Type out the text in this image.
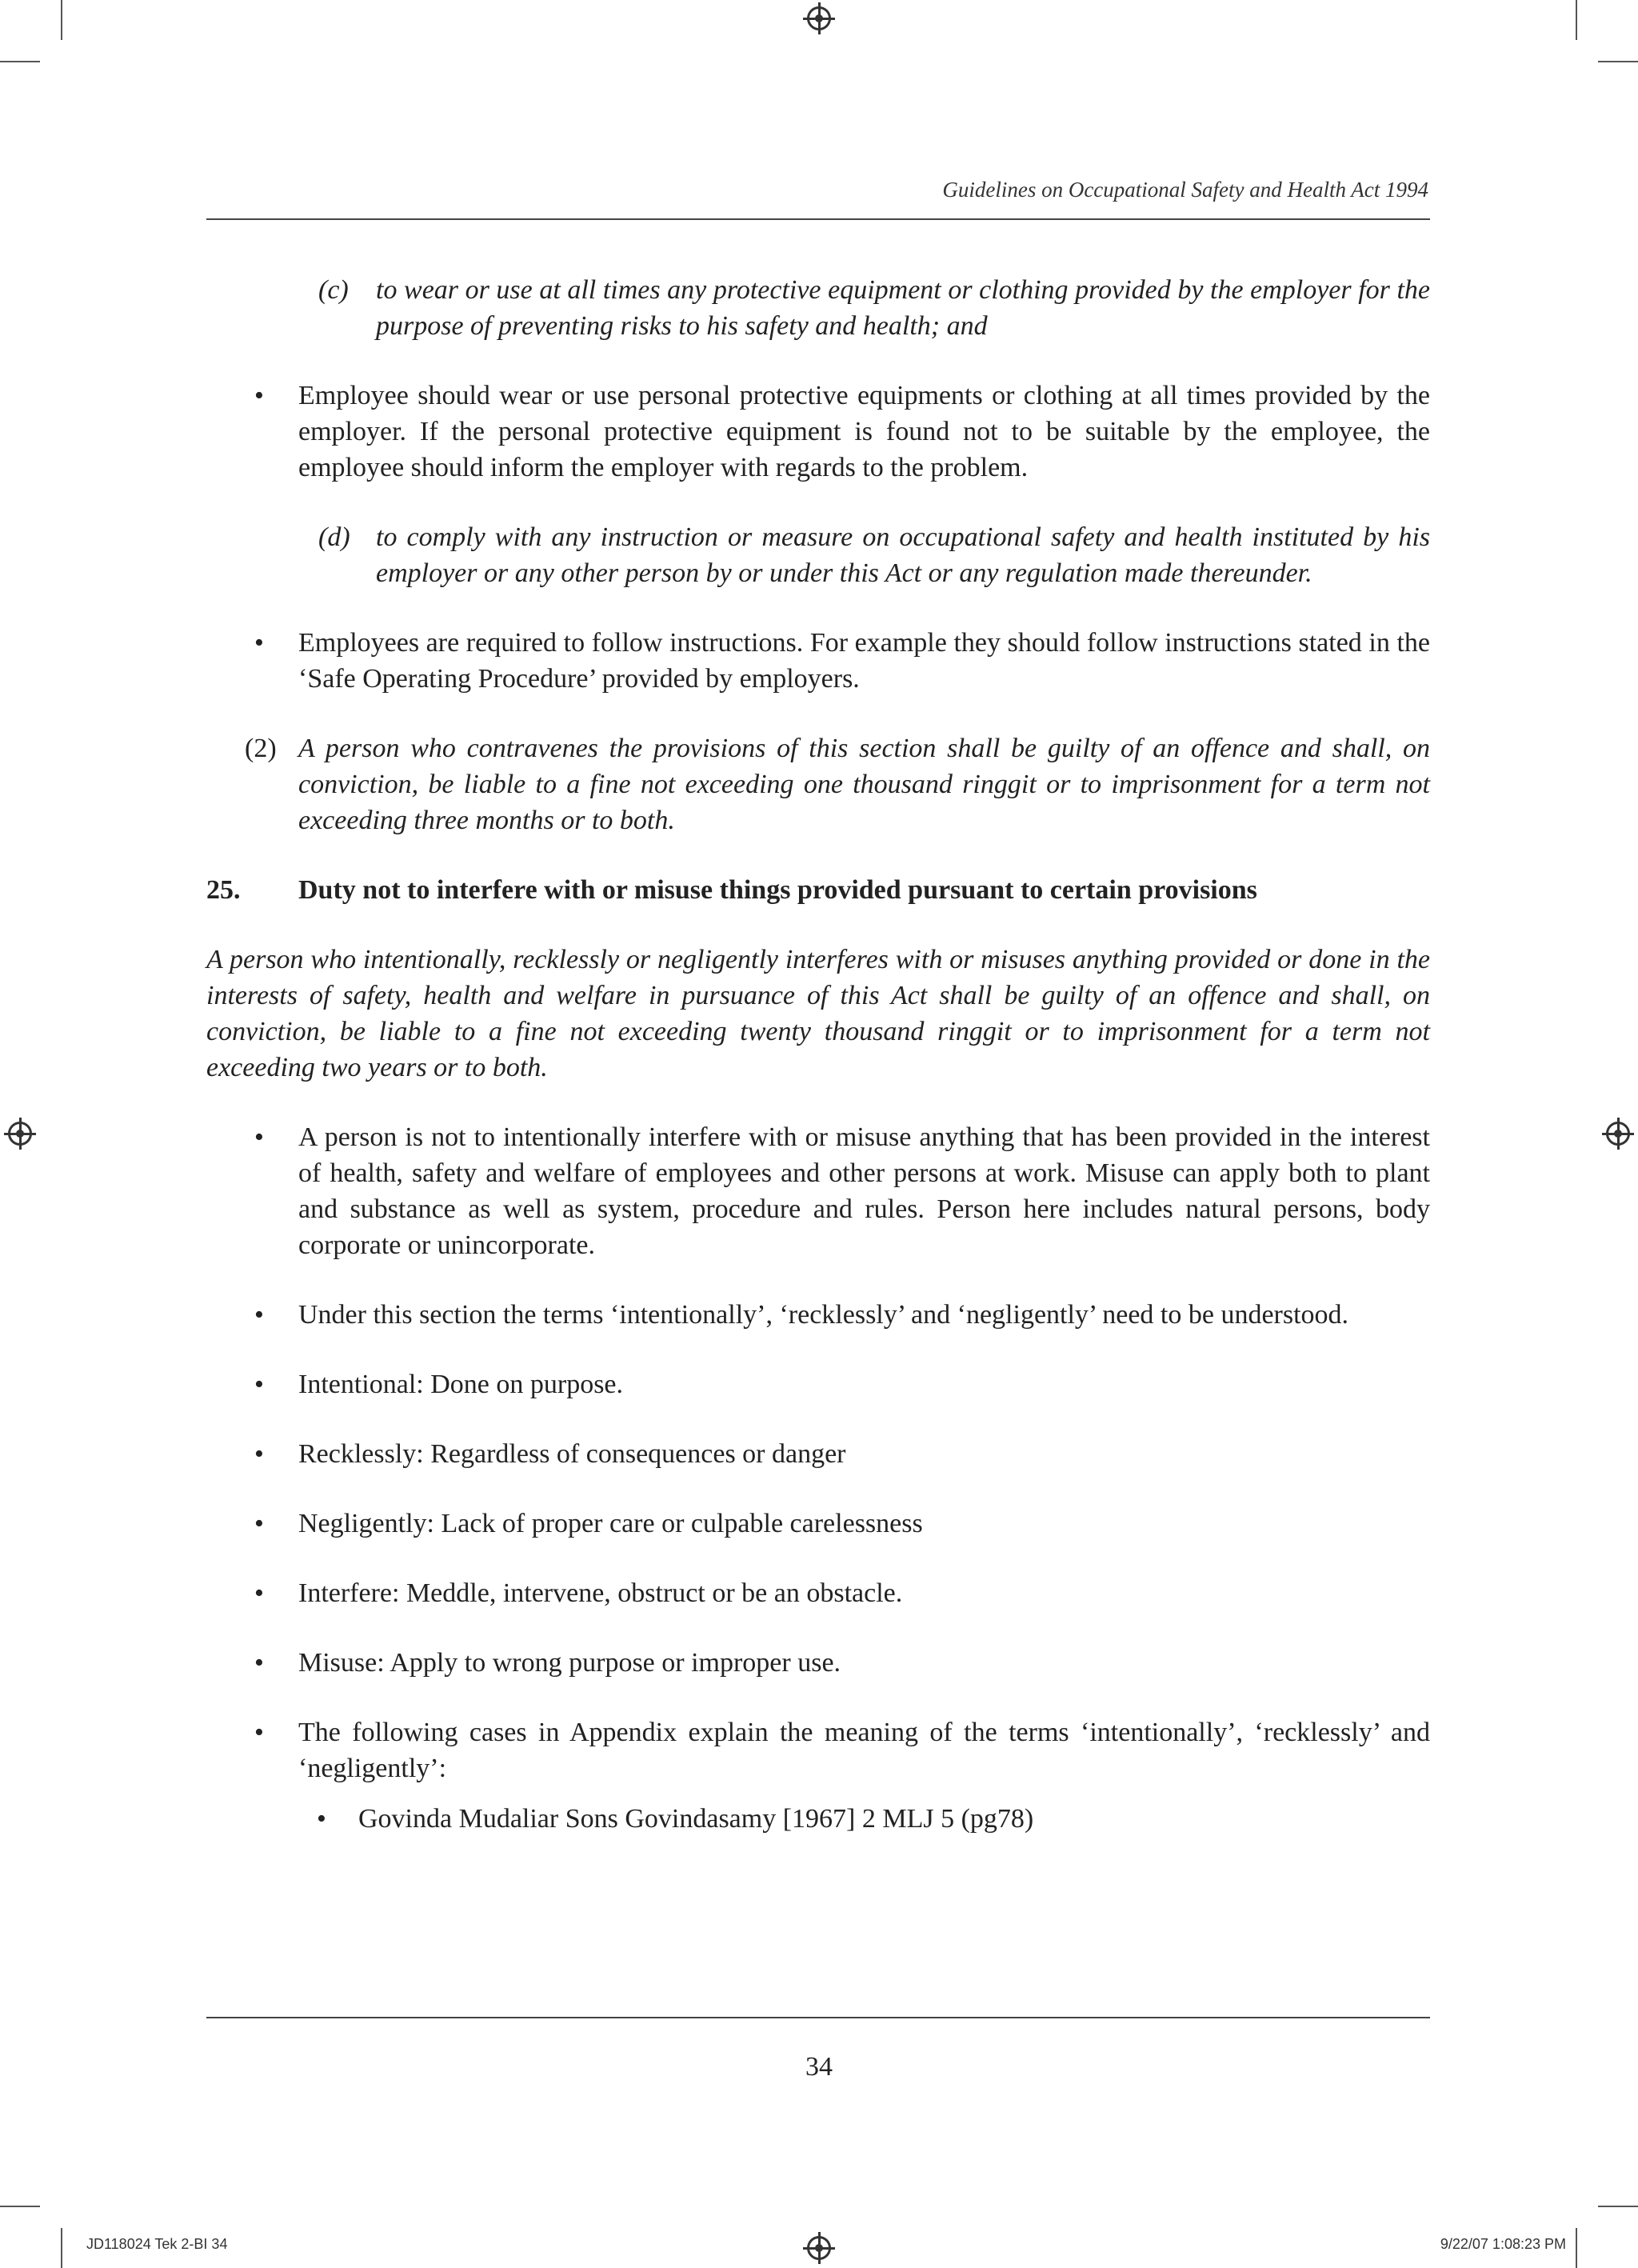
Guidelines on Occupational Safety and Health Act 1994
(c) to wear or use at all times any protective equipment or clothing provided by the employer for the purpose of preventing risks to his safety and health; and
• Employee should wear or use personal protective equipments or clothing at all times provided by the employer. If the personal protective equipment is found not to be suitable by the employee, the employee should inform the employer with regards to the problem.
(d) to comply with any instruction or measure on occupational safety and health instituted by his employer or any other person by or under this Act or any regulation made thereunder.
• Employees are required to follow instructions. For example they should follow instructions stated in the ‘Safe Operating Procedure’ provided by employers.
(2) A person who contravenes the provisions of this section shall be guilty of an offence and shall, on conviction, be liable to a fine not exceeding one thousand ringgit or to imprisonment for a term not exceeding three months or to both.

25. Duty not to interfere with or misuse things provided pursuant to certain provisions

A person who intentionally, recklessly or negligently interferes with or misuses anything provided or done in the interests of safety, health and welfare in pursuance of this Act shall be guilty of an offence and shall, on conviction, be liable to a fine not exceeding twenty thousand ringgit or to imprisonment for a term not exceeding two years or to both.

• A person is not to intentionally interfere with or misuse anything that has been provided in the interest of health, safety and welfare of employees and other persons at work. Misuse can apply both to plant and substance as well as system, procedure and rules. Person here includes natural persons, body corporate or unincorporate.
• Under this section the terms ‘intentionally’, ‘recklessly’ and ‘negligently’ need to be understood.
• Intentional: Done on purpose.
• Recklessly: Regardless of consequences or danger
• Negligently: Lack of proper care or culpable carelessness
• Interfere: Meddle, intervene, obstruct or be an obstacle.
• Misuse: Apply to wrong purpose or improper use.
• The following cases in Appendix explain the meaning of the terms ‘intentionally’, ‘recklessly’ and ‘negligently’:
• Govinda Mudaliar Sons Govindasamy [1967] 2 MLJ 5 (pg78)
34
JD118024 Tek 2-BI 34	9/22/07 1:08:23 PM
